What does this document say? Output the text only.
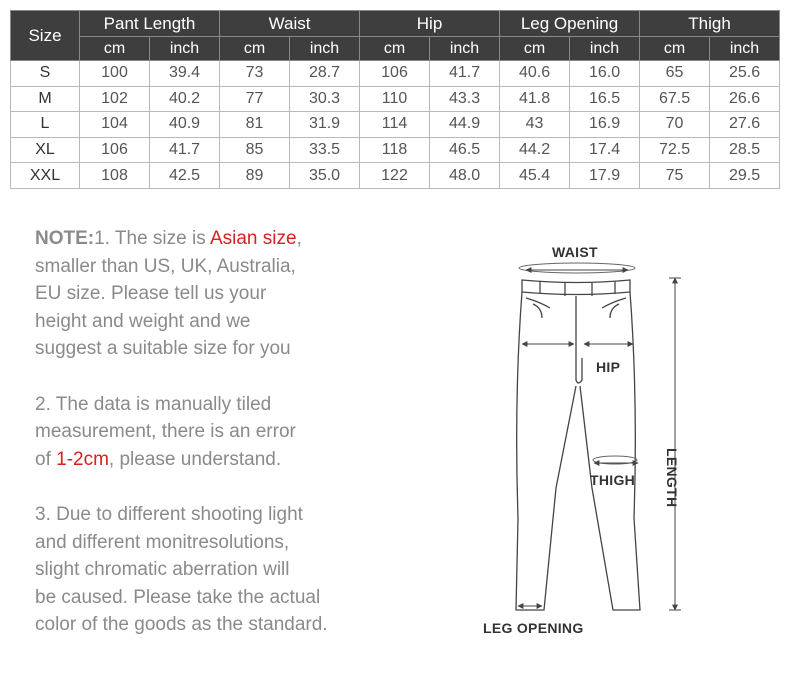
Size	Pant Length		Waist		Hip		Leg Opening		Thigh	
	cm	inch	cm	inch	cm	inch	cm	inch	cm	inch
S	100	39.4	73	28.7	106	41.7	40.6	16.0	65	25.6
M	102	40.2	77	30.3	110	43.3	41.8	16.5	67.5	26.6
L	104	40.9	81	31.9	114	44.9	43	16.9	70	27.6
XL	106	41.7	85	33.5	118	46.5	44.2	17.4	72.5	28.5
XXL	108	42.5	89	35.0	122	48.0	45.4	17.9	75	29.5

NOTE:1. The size is Asian size,
smaller than US, UK, Australia,
EU size. Please tell us your
height and weight and we
suggest a suitable size for you

2. The data is manually tiled
measurement, there is an error
of 1-2cm, please understand.

3. Due to different shooting light
and different monitresolutions,
slight chromatic aberration will
be caused. Please take the actual
color of the goods as the standard.

WAIST
HIP
THIGH
LEG OPENING
LENGTH
